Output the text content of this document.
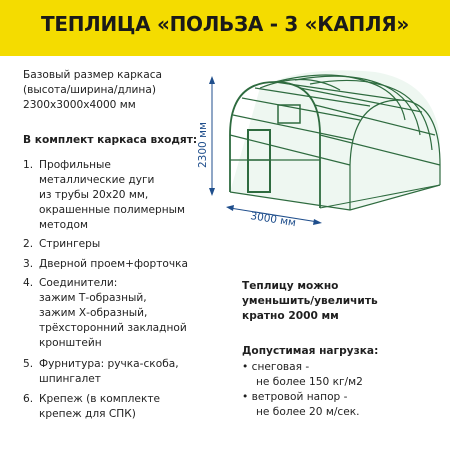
ТЕПЛИЦА «ПОЛЬЗА - 3 «КАПЛЯ»
Базовый размер каркаса
(высота/ширина/длина)
2300x3000x4000 мм
В комплект каркаса входят:
1. Профильные
металлические дуги
из трубы 20x20 мм,
окрашенные полимерным
методом
2. Стрингеры
3. Дверной проем+форточка
4. Соединители:
зажим Т-образный,
зажим Х-образный,
трёхсторонний закладной
кронштейн
5. Фурнитура: ручка-скоба,
шпингалет
6. Крепеж (в комплекте
крепеж для СПК)
2300 мм
3000 мм
Теплицу можно
уменьшить/увеличить
кратно 2000 мм
Допустимая нагрузка:
• снеговая -
не более 150 кг/м2
• ветровой напор -
не более 20 м/сек.
